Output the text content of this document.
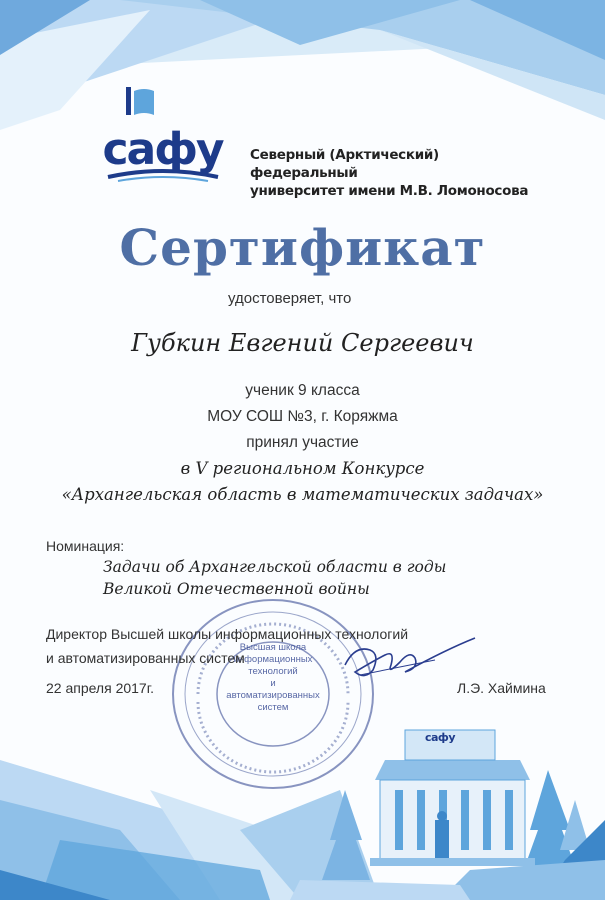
сафу Северный (Арктический) федеральный
университет имени М.В. Ломоносова
Сертификат
удостоверяет, что
Губкин Евгений Сергеевич
ученик 9 класса
МОУ СОШ №3, г. Коряжма
принял участие
в V региональном Конкурсе
«Архангельская область в математических задачах»
Номинация:
Задачи об Архангельской области в годы
Великой Отечественной войны
Высшая школа
информационных
технологий
и автоматизированных
систем
Директор Высшей школы информационных технологий
и автоматизированных систем
22 апреля 2017г.	Л.Э. Хаймина
сафу
